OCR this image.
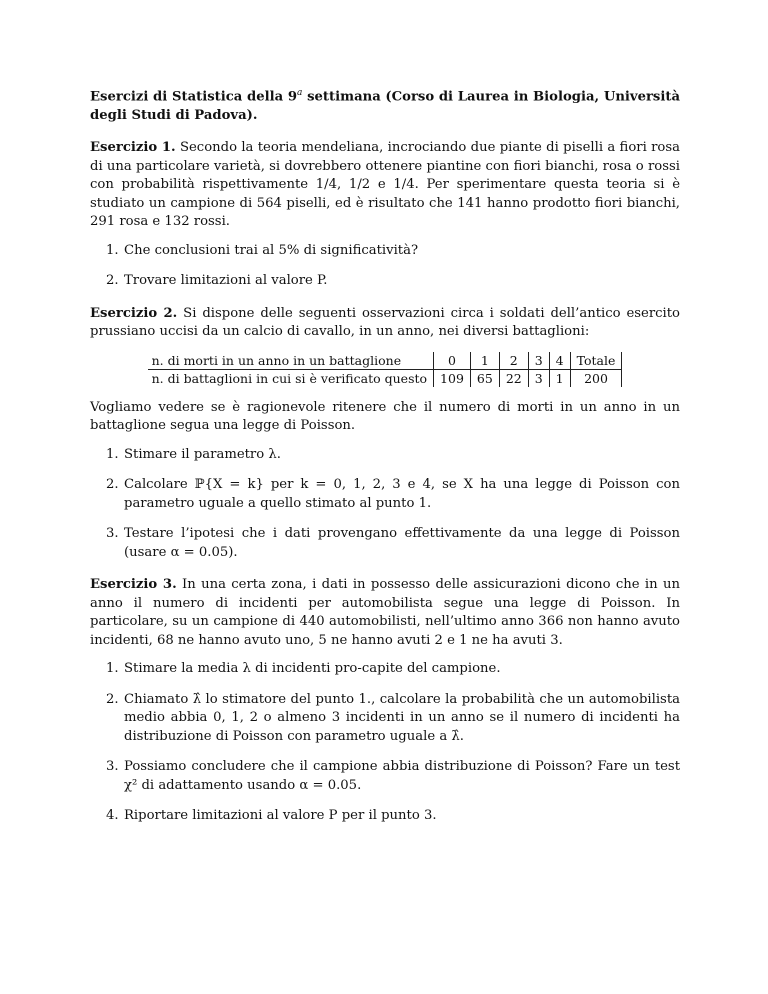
Esercizi di Statistica della 9$^a$ settimana (Corso di Laurea in Biologia, Università degli Studi di Padova).

Esercizio 1. Secondo la teoria mendeliana, incrociando due piante di piselli a fiori rosa di una particolare varietà, si dovrebbero ottenere piantine con fiori bianchi, rosa o rossi con probabilità rispettivamente 1/4, 1/2 e 1/4. Per sperimentare questa teoria si è studiato un campione di 564 piselli, ed è risultato che 141 hanno prodotto fiori bianchi, 291 rosa e 132 rossi.

1. Che conclusioni trai al 5% di significatività?
2. Trovare limitazioni al valore P.

Esercizio 2. Si dispone delle seguenti osservazioni circa i soldati dell’antico esercito prussiano uccisi da un calcio di cavallo, in un anno, nei diversi battaglioni:

n. di morti in un anno in un battaglione	0	1	2	3	4	Totale
n. di battaglioni in cui si è verificato questo	109	65	22	3	1	200

Vogliamo vedere se è ragionevole ritenere che il numero di morti in un anno in un battaglione segua una legge di Poisson.

1. Stimare il parametro λ.
2. Calcolare ℙ{X = k} per k = 0, 1, 2, 3 e 4, se X ha una legge di Poisson con parametro uguale a quello stimato al punto 1.
3. Testare l’ipotesi che i dati provengano effettivamente da una legge di Poisson (usare α = 0.05).

Esercizio 3. In una certa zona, i dati in possesso delle assicurazioni dicono che in un anno il numero di incidenti per automobilista segue una legge di Poisson. In particolare, su un campione di 440 automobilisti, nell’ultimo anno 366 non hanno avuto incidenti, 68 ne hanno avuto uno, 5 ne hanno avuti 2 e 1 ne ha avuti 3.

1. Stimare la media λ di incidenti pro-capite del campione.
2. Chiamato λ̂ lo stimatore del punto 1., calcolare la probabilità che un automobilista medio abbia 0, 1, 2 o almeno 3 incidenti in un anno se il numero di incidenti ha distribuzione di Poisson con parametro uguale a λ̂.
3. Possiamo concludere che il campione abbia distribuzione di Poisson? Fare un test χ² di adattamento usando α = 0.05.
4. Riportare limitazioni al valore P per il punto 3.
